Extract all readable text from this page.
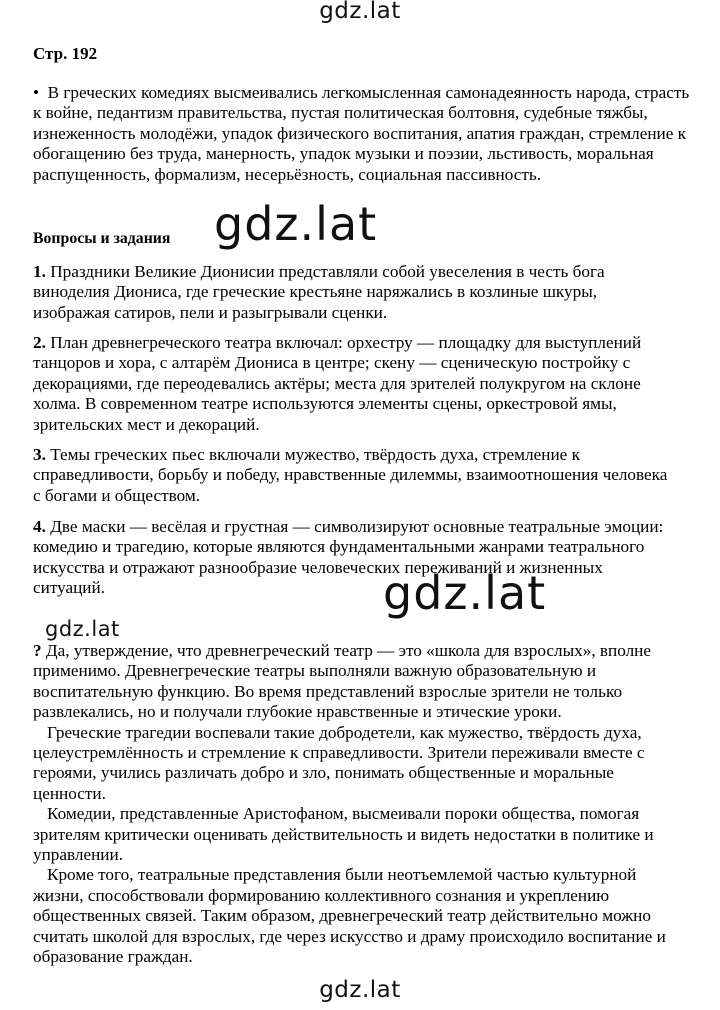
gdz.lat
Стр. 192
• В греческих комедиях высмеивались легкомысленная самонадеянность народа, страсть к войне, педантизм правительства, пустая политическая болтовня, судебные тяжбы, изнеженность молодёжи, упадок физического воспитания, апатия граждан, стремление к обогащению без труда, манерность, упадок музыки и поэзии, льстивость, моральная распущенность, формализм, несерьёзность, социальная пассивность.
Вопросы и задания
1. Праздники Великие Дионисии представляли собой увеселения в честь бога виноделия Диониса, где греческие крестьяне наряжались в козлиные шкуры, изображая сатиров, пели и разыгрывали сценки.
2. План древнегреческого театра включал: орхестру — площадку для выступлений танцоров и хора, с алтарём Диониса в центре; скену — сценическую постройку с декорациями, где переодевались актёры; места для зрителей полукругом на склоне холма. В современном театре используются элементы сцены, оркестровой ямы, зрительских мест и декораций.
3. Темы греческих пьес включали мужество, твёрдость духа, стремление к справедливости, борьбу и победу, нравственные дилеммы, взаимоотношения человека с богами и обществом.
4. Две маски — весёлая и грустная — символизируют основные театральные эмоции: комедию и трагедию, которые являются фундаментальными жанрами театрального искусства и отражают разнообразие человеческих переживаний и жизненных ситуаций.

? Да, утверждение, что древнегреческий театр — это «школа для взрослых», вполне применимо. Древнегреческие театры выполняли важную образовательную и воспитательную функцию. Во время представлений взрослые зрители не только развлекались, но и получали глубокие нравственные и этические уроки.

Греческие трагедии воспевали такие добродетели, как мужество, твёрдость духа, целеустремлённость и стремление к справедливости. Зрители переживали вместе с героями, учились различать добро и зло, понимать общественные и моральные ценности.

Комедии, представленные Аристофаном, высмеивали пороки общества, помогая зрителям критически оценивать действительность и видеть недостатки в политике и управлении.

Кроме того, театральные представления были неотъемлемой частью культурной жизни, способствовали формированию коллективного сознания и укреплению общественных связей. Таким образом, древнегреческий театр действительно можно считать школой для взрослых, где через искусство и драму происходило воспитание и образование граждан.

gdz.lat
gdz.lat
gdz.lat
gdz.lat
